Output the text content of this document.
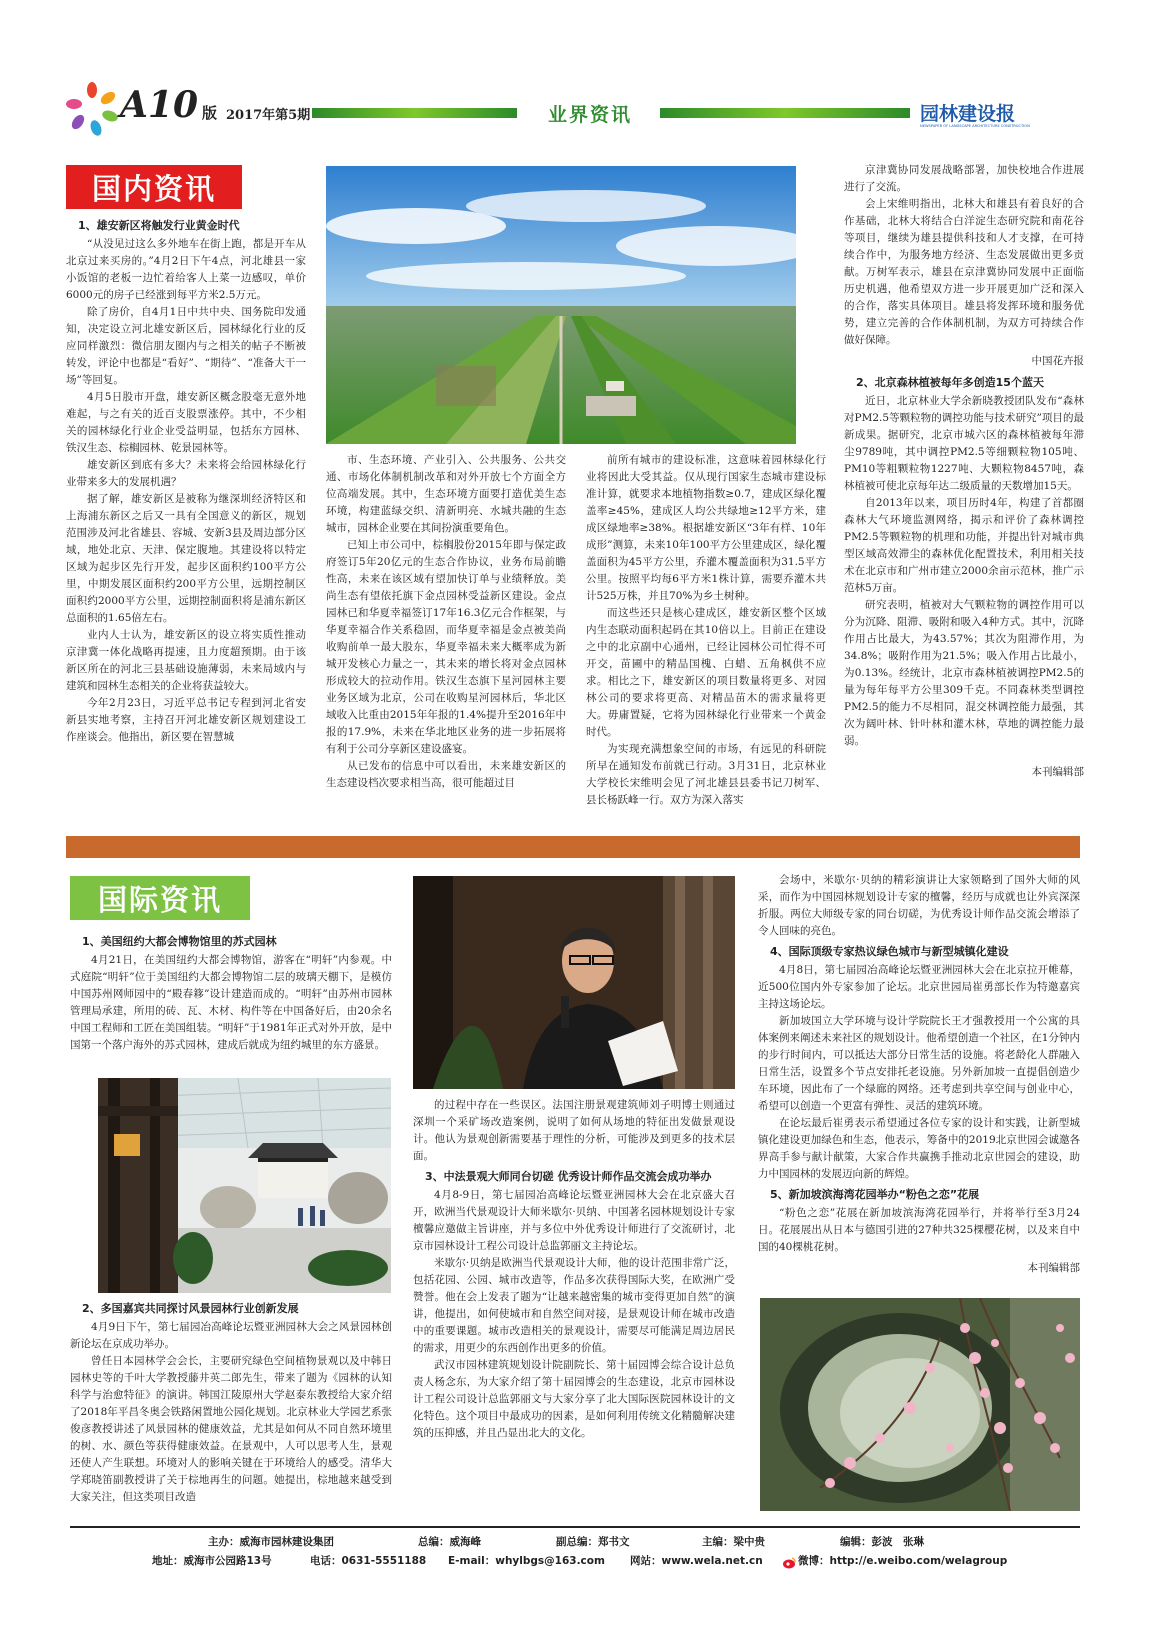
A10 版 2017年第5期	业界资讯	园林建设报
NEWSPAPER OF LANDSCAPE ARCHITECTURE CONSTRUCTION
国内资讯
1、雄安新区将触发行业黄金时代

“从没见过这么多外地车在街上跑，都是开车从北京过来买房的。”4月2日下午4点，河北雄县一家小饭馆的老板一边忙着给客人上菜一边感叹，单价6000元的房子已经涨到每平方米2.5万元。

除了房价，自4月1日中共中央、国务院印发通知，决定设立河北雄安新区后，园林绿化行业的反应同样激烈：微信朋友圈内与之相关的帖子不断被转发，评论中也都是“看好”、“期待”、“准备大干一场”等回复。

4月5日股市开盘，雄安新区概念股毫无意外地难起，与之有关的近百支股票涨停。其中，不少相关的园林绿化行业企业受益明显，包括东方园林、铁汉生态、棕榈园林、乾景园林等。

雄安新区到底有多大？未来将会给园林绿化行业带来多大的发展机遇？

据了解，雄安新区是被称为继深圳经济特区和上海浦东新区之后又一具有全国意义的新区，规划范围涉及河北省雄县、容城、安新3县及周边部分区域，地处北京、天津、保定腹地。其建设将以特定区域为起步区先行开发，起步区面积约100平方公里，中期发展区面积约200平方公里，远期控制区面积约2000平方公里，远期控制面积将是浦东新区总面积的1.65倍左右。

业内人士认为，雄安新区的设立将实质性推动京津冀一体化战略再提速，且力度超预期。由于该新区所在的河北三县基础设施薄弱，未来局域内与建筑和园林生态相关的企业将获益较大。

今年2月23日，习近平总书记专程到河北省安新县实地考察，主持召开河北雄安新区规划建设工作座谈会。他指出，新区要在智慧城

市、生态环境、产业引入、公共服务、公共交通、市场化体制机制改革和对外开放七个方面全方位高端发展。其中，生态环境方面要打造优美生态环境，构建蓝绿交织、清新明亮、水城共融的生态城市，园林企业要在其间扮演重要角色。

已知上市公司中，棕榈股份2015年即与保定政府签订5年20亿元的生态合作协议，业务布局前瞻性高，未来在该区域有望加快订单与业绩释放。美尚生态有望依托旗下金点园林受益新区建设。金点园林已和华夏幸福签订17年16.3亿元合作框架，与华夏幸福合作关系稳固，而华夏幸福是金点被美尚收购前单一最大股东，华夏幸福未来大概率成为新城开发核心力量之一，其未来的增长将对金点园林形成较大的拉动作用。铁汉生态旗下星河园林主要业务区域为北京，公司在收购星河园林后，华北区域收入比重由2015年年报的1.4%提升至2016年中报的17.9%，未来在华北地区业务的进一步拓展将有利于公司分享新区建设盛宴。

从已发布的信息中可以看出，未来雄安新区的生态建设档次要求相当高，很可能超过目

前所有城市的建设标准，这意味着园林绿化行业将因此大受其益。仅从现行国家生态城市建设标准计算，就要求本地植物指数≥0.7，建成区绿化覆盖率≥45%，建成区人均公共绿地≥12平方米，建成区绿地率≥38%。根据雄安新区“3年有样、10年成形”测算，未来10年100平方公里建成区，绿化覆盖面积为45平方公里，乔灌木覆盖面积为31.5平方公里。按照平均每6平方米1株计算，需要乔灌木共计525万株，并且70%为乡土树种。

而这些还只是核心建成区，雄安新区整个区域内生态联动面积起码在其10倍以上。目前正在建设之中的北京副中心通州，已经让园林公司忙得不可开交，苗圃中的精品国槐、白蜡、五角枫供不应求。相比之下，雄安新区的项目数量将更多、对园林公司的要求将更高、对精品苗木的需求量将更大。毋庸置疑，它将为园林绿化行业带来一个黄金时代。

为实现充满想象空间的市场，有远见的科研院所早在通知发布前就已行动。3月31日，北京林业大学校长宋维明会见了河北雄县县委书记刀树军、县长杨跃峰一行。双方为深入落实

京津冀协同发展战略部署，加快校地合作进展进行了交流。

会上宋维明指出，北林大和雄县有着良好的合作基础，北林大将结合白洋淀生态研究院和南花谷等项目，继续为雄县提供科技和人才支撑，在可持续合作中，为服务地方经济、生态发展做出更多贡献。万树军表示，雄县在京津冀协同发展中正面临历史机遇，他希望双方进一步开展更加广泛和深入的合作，落实具体项目。雄县将发挥环境和服务优势，建立完善的合作体制机制，为双方可持续合作做好保障。

中国花卉报
2、北京森林植被每年多创造15个蓝天

近日，北京林业大学余新晓教授团队发布“森林对PM2.5等颗粒物的调控功能与技术研究”项目的最新成果。据研究，北京市城六区的森林植被每年滞尘9789吨，其中调控PM2.5等细颗粒物105吨、PM10等粗颗粒物1227吨、大颗粒物8457吨，森林植被可使北京每年达二级质量的天数增加15天。

自2013年以来，项目历时4年，构建了首都圈森林大气环境监测网络，揭示和评价了森林调控PM2.5等颗粒物的机理和功能，并提出针对城市典型区域高效滞尘的森林优化配置技术，利用相关技术在北京市和广州市建立2000余亩示范林，推广示范林5万亩。

研究表明，植被对大气颗粒物的调控作用可以分为沉降、阻滞、吸附和吸入4种方式。其中，沉降作用占比最大，为43.57%；其次为阻滞作用，为34.8%；吸附作用为21.5%；吸入作用占比最小，为0.13%。经统计，北京市森林植被调控PM2.5的量为每年每平方公里309千克。不同森林类型调控PM2.5的能力不尽相同，混交林调控能力最强，其次为阔叶林、针叶林和灌木林，草地的调控能力最弱。

本刊编辑部
国际资讯
1、美国纽约大都会博物馆里的苏式园林

4月21日，在美国纽约大都会博物馆，游客在“明轩”内参观。中式庭院“明轩”位于美国纽约大都会博物馆二层的玻璃天棚下，是模仿中国苏州网师园中的“殿春簃”设计建造而成的。“明轩”由苏州市园林管理局承建，所用的砖、瓦、木材、构件等在中国备好后，由20余名中国工程师和工匠在美国组装。“明轩”于1981年正式对外开放，是中国第一个落户海外的苏式园林，建成后就成为纽约城里的东方盛景。

2、多国嘉宾共同探讨风景园林行业创新发展

4月9日下午，第七届园冶高峰论坛暨亚洲园林大会之风景园林创新论坛在京成功举办。

曾任日本园林学会会长，主要研究绿色空间植物景观以及中韩日园林史等的千叶大学教授藤井英二郎先生，带来了题为《园林的认知科学与治愈特征》的演讲。韩国江陵原州大学赵泰东教授给大家介绍了2018年平昌冬奥会铁路闲置地公园化规划。北京林业大学园艺系张俊彦教授讲述了风景园林的健康效益，尤其是如何从不同自然环境里的树、水、颜色等获得健康效益。在景观中，人可以思考人生，景观还使人产生联想。环境对人的影响关键在于环境给人的感受。清华大学郑晓笛副教授讲了关于棕地再生的问题。她提出，棕地越来越受到大家关注，但这类项目改造

的过程中存在一些误区。法国注册景观建筑师刘子明博士则通过深圳一个采矿场改造案例，说明了如何从场地的特征出发做景观设计。他认为景观创新需要基于理性的分析，可能涉及到更多的技术层面。

3、中法景观大师同台切磋 优秀设计师作品交流会成功举办

4月8-9日，第七届园冶高峰论坛暨亚洲园林大会在北京盛大召开，欧洲当代景观设计大师米歇尔·贝纳、中国著名园林规划设计专家檀馨应邀做主旨讲座，并与多位中外优秀设计师进行了交流研讨，北京市园林设计工程公司设计总监郭丽文主持论坛。

米歇尔·贝纳是欧洲当代景观设计大师，他的设计范围非常广泛，包括花园、公园、城市改造等，作品多次获得国际大奖，在欧洲广受赞誉。他在会上发表了题为“让越来越密集的城市变得更加自然”的演讲，他提出，如何使城市和自然空间对接，是景观设计师在城市改造中的重要课题。城市改造相关的景观设计，需要尽可能满足周边居民的需求，用更少的东西创作出更多的价值。

武汉市园林建筑规划设计院副院长、第十届园博会综合设计总负责人杨念东，为大家介绍了第十届园博会的生态建设，北京市园林设计工程公司设计总监郭丽文与大家分享了北大国际医院园林设计的文化特色。这个项目中最成功的因素，是如何利用传统文化精髓解决建筑的压抑感，并且凸显出北大的文化。

会场中，米歇尔·贝纳的精彩演讲让大家领略到了国外大师的风采，而作为中国园林规划设计专家的檀馨，经历与成就也让外宾深深折服。两位大师级专家的同台切磋，为优秀设计师作品交流会增添了令人回味的亮色。

4、国际顶级专家热议绿色城市与新型城镇化建设

4月8日，第七届园冶高峰论坛暨亚洲园林大会在北京拉开帷幕，近500位国内外专家参加了论坛。北京世园局崔勇部长作为特邀嘉宾主持这场论坛。

新加坡国立大学环境与设计学院院长王才强教授用一个公寓的具体案例来阐述未来社区的规划设计。他希望创造一个社区，在1分钟内的步行时间内，可以抵达大部分日常生活的设施。将老龄化人群融入日常生活，设置多个节点安排托老设施。另外新加坡一直提倡创造少车环境，因此布了一个绿廊的网络。还考虑到共享空间与创业中心，希望可以创造一个更富有弹性、灵活的建筑环境。

在论坛最后崔勇表示希望通过各位专家的设计和实践，让新型城镇化建设更加绿色和生态，他表示，筹备中的2019北京世园会诚邀各界高手参与献计献策，大家合作共赢携手推动北京世园会的建设，助力中国园林的发展迈向新的辉煌。

5、新加坡滨海湾花园举办“粉色之恋”花展

“粉色之恋”花展在新加坡滨海湾花园举行，并将举行至3月24日。花展展出从日本与德国引进的27种共325棵樱花树，以及来自中国的40棵桃花树。

本刊编辑部
主办：威海市园林建设集团	总编：威海峰	副总编：郑书文	主编：梁中贵	编辑：彭波　张琳
地址：威海市公园路13号	电话：0631-5551188 E-mail：whylbgs@163.com 网站：www.wela.net.cn	微博：http://e.weibo.com/welagroup
